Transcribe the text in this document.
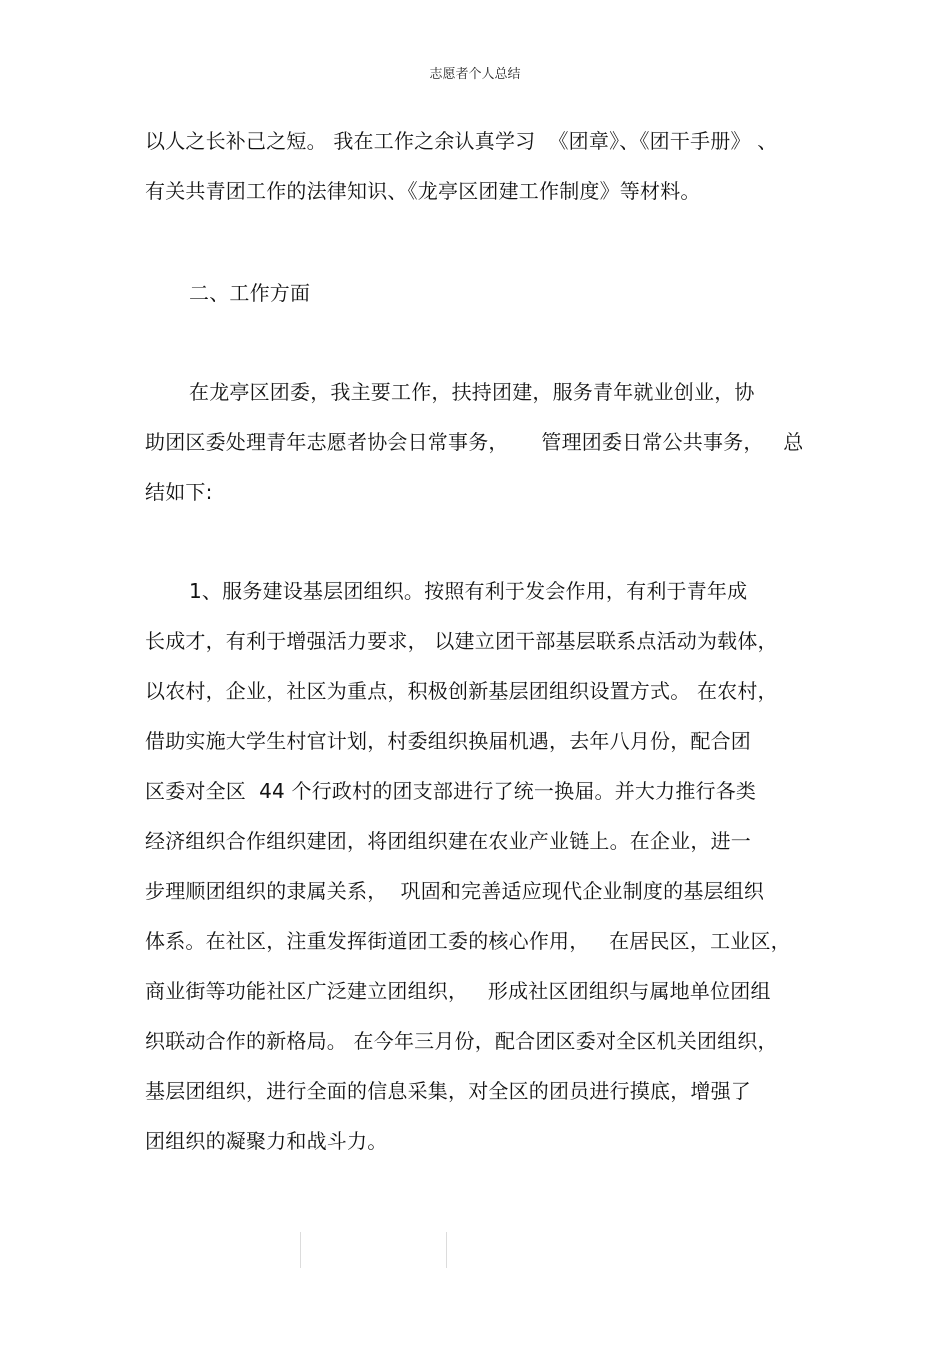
志愿者个人总结
以人之长补己之短。 我在工作之余认真学习  《团章》、《团干手册》 、
有关共青团工作的法律知识、《龙亭区团建工作制度》等材料。
二、工作方面
在龙亭区团委，我主要工作，扶持团建，服务青年就业创业，协
助团区委处理青年志愿者协会日常事务，     管理团委日常公共事务，   总
结如下:
1、服务建设基层团组织。按照有利于发会作用，有利于青年成
长成才，有利于增强活力要求， 以建立团干部基层联系点活动为载体，
以农村，企业，社区为重点，积极创新基层团组织设置方式。 在农村，
借助实施大学生村官计划，村委组织换届机遇，去年八月份，配合团
区委对全区  44 个行政村的团支部进行了统一换届。并大力推行各类
经济组织合作组织建团，将团组织建在农业产业链上。在企业，进一
步理顺团组织的隶属关系，  巩固和完善适应现代企业制度的基层组织
体系。在社区，注重发挥街道团工委的核心作用，   在居民区，工业区，
商业街等功能社区广泛建立团组织，   形成社区团组织与属地单位团组
织联动合作的新格局。 在今年三月份，配合团区委对全区机关团组织，
基层团组织，进行全面的信息采集，对全区的团员进行摸底，增强了
团组织的凝聚力和战斗力。
